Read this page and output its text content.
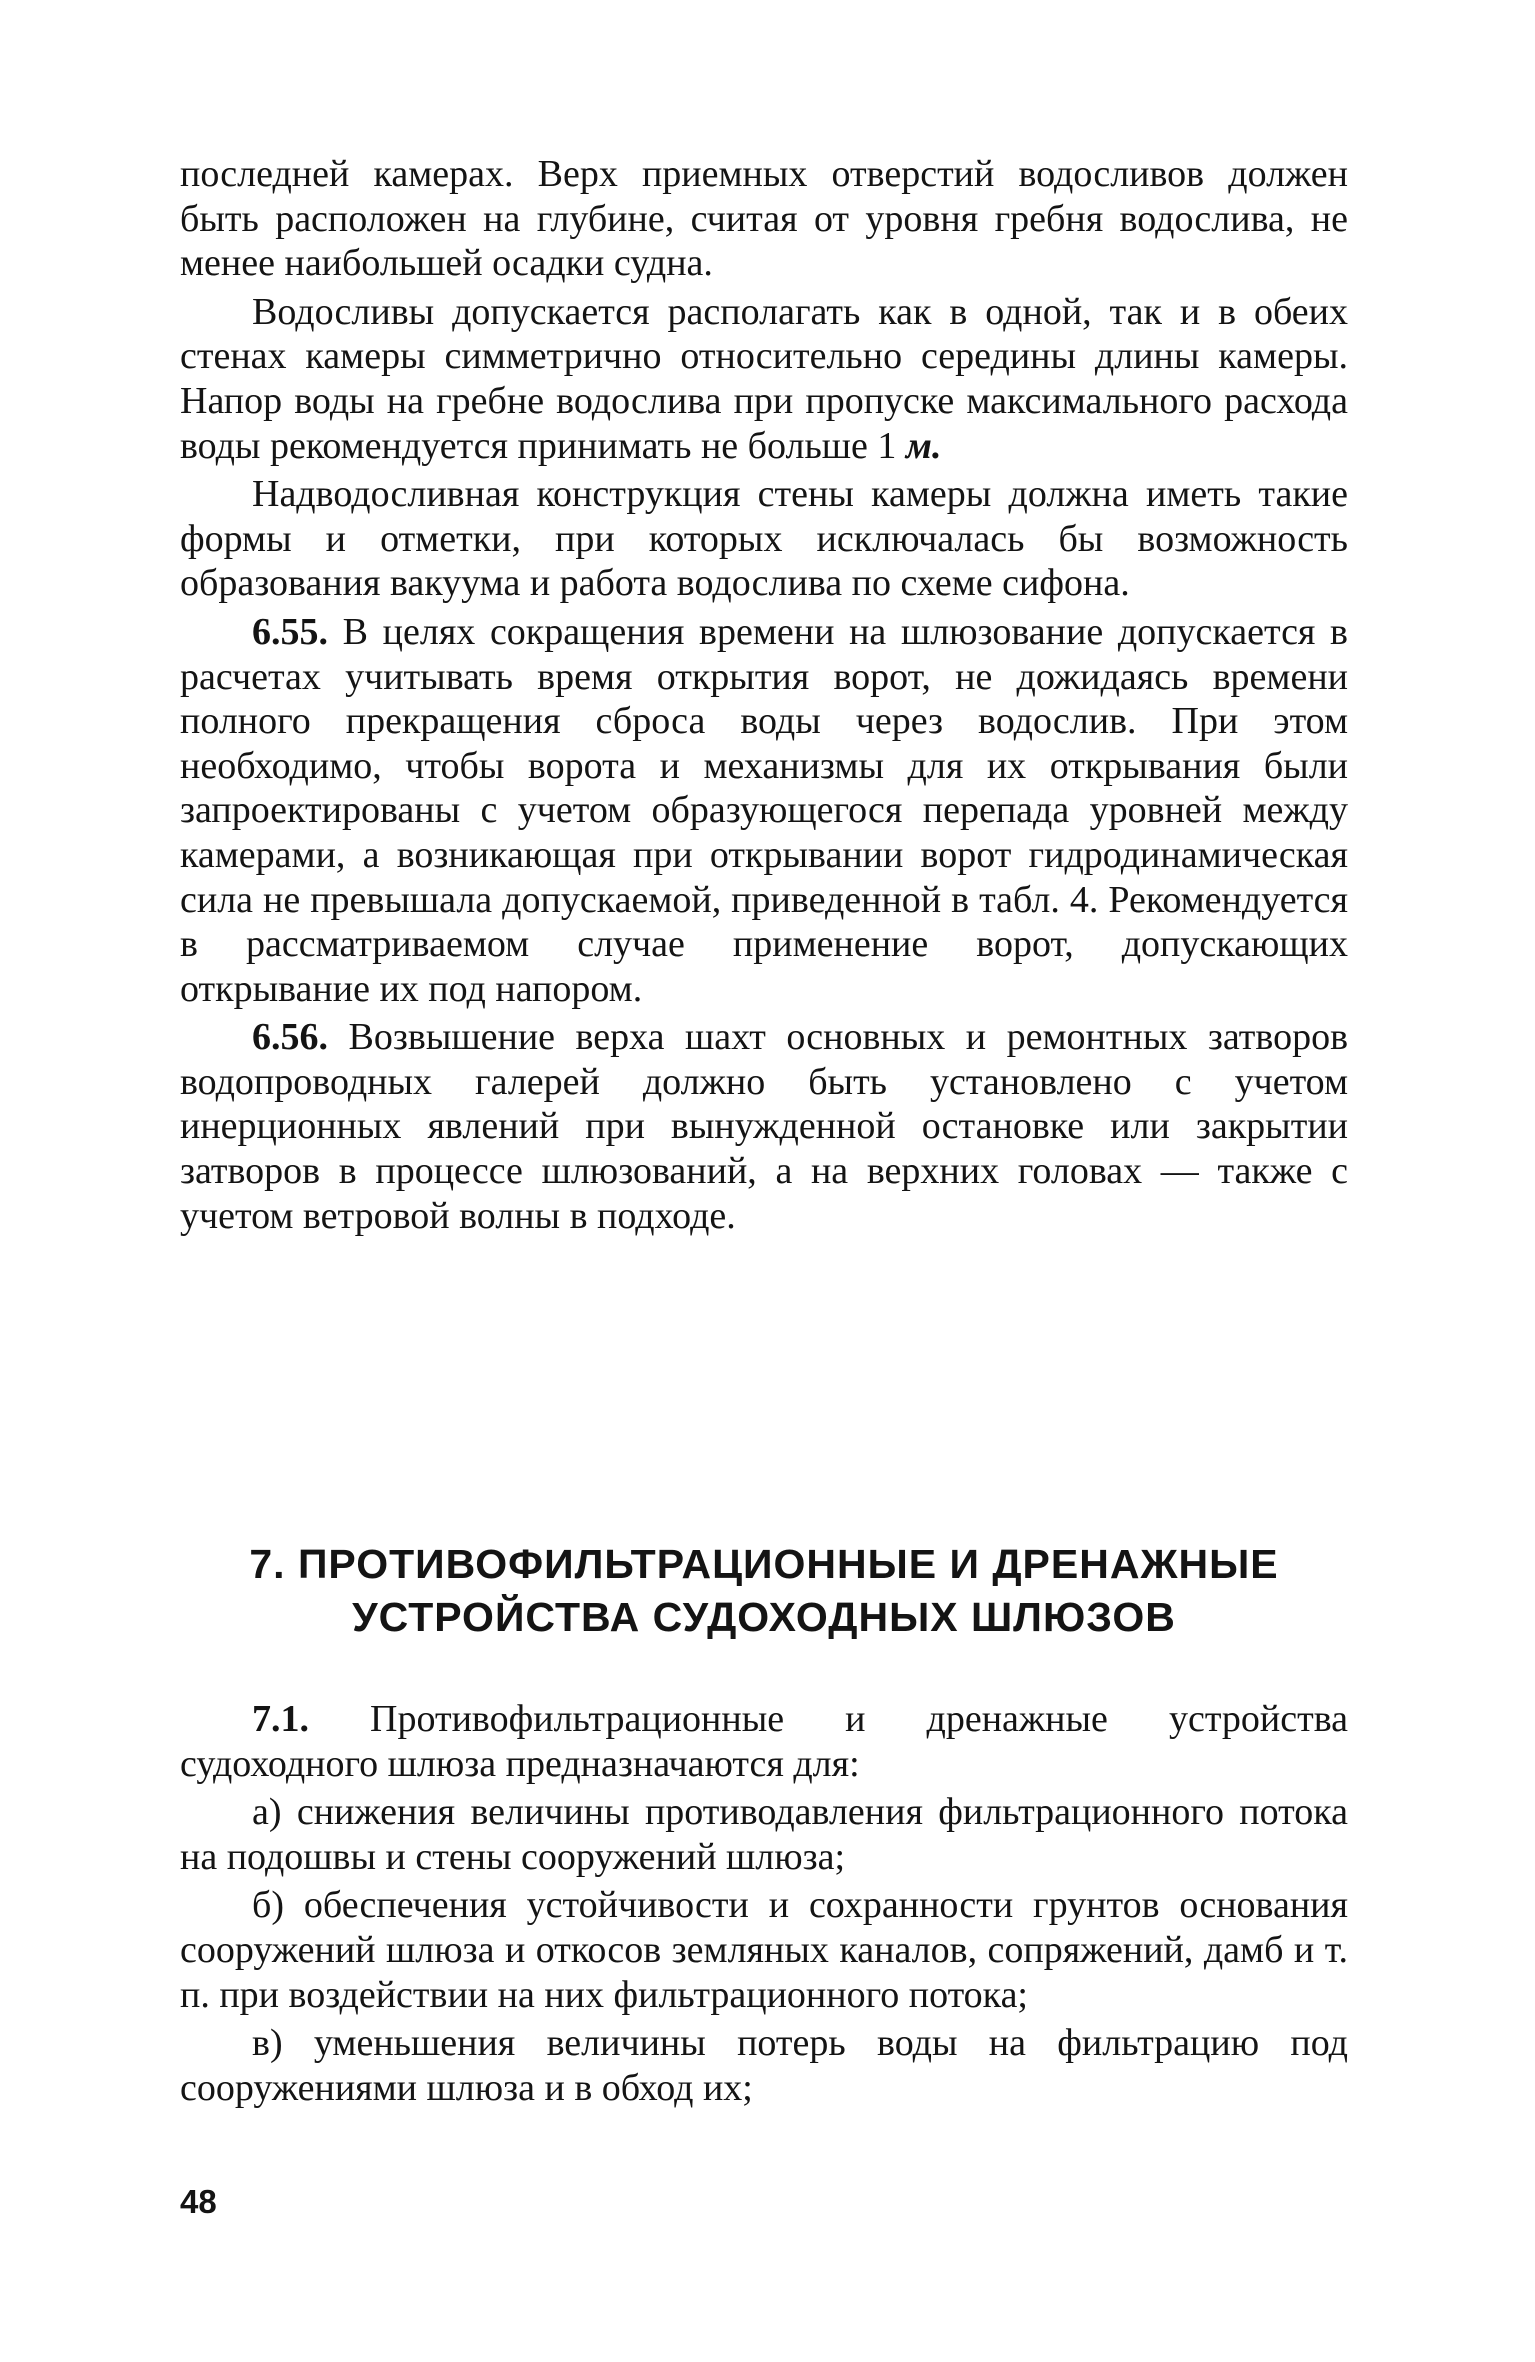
последней камерах. Верх приемных отверстий водосливов должен быть расположен на глубине, считая от уровня гребня водослива, не менее наибольшей осадки судна.

Водосливы допускается располагать как в одной, так и в обеих стенах камеры симметрично относительно середины длины камеры. Напор воды на гребне водослива при пропуске максимального расхода воды рекомендуется принимать не больше 1 м.

Надводосливная конструкция стены камеры должна иметь такие формы и отметки, при которых исключалась бы возможность образования вакуума и работа водослива по схеме сифона.

6.55. В целях сокращения времени на шлюзование допускается в расчетах учитывать время открытия ворот, не дожидаясь времени полного прекращения сброса воды через водослив. При этом необходимо, чтобы ворота и механизмы для их открывания были запроектированы с учетом образующегося перепада уровней между камерами, а возникающая при открывании ворот гидродинамическая сила не превышала допускаемой, приведенной в табл. 4. Рекомендуется в рассматриваемом случае применение ворот, допускающих открывание их под напором.

6.56. Возвышение верха шахт основных и ремонтных затворов водопроводных галерей должно быть установлено с учетом инерционных явлений при вынужденной остановке или закрытии затворов в процессе шлюзований, а на верхних головах — также с учетом ветровой волны в подходе.

7. ПРОТИВОФИЛЬТРАЦИОННЫЕ И ДРЕНАЖНЫЕ
УСТРОЙСТВА СУДОХОДНЫХ ШЛЮЗОВ

7.1. Противофильтрационные и дренажные устройства судоходного шлюза предназначаются для:

а) снижения величины противодавления фильтрационного потока на подошвы и стены сооружений шлюза;

б) обеспечения устойчивости и сохранности грунтов основания сооружений шлюза и откосов земляных каналов, сопряжений, дамб и т. п. при воздействии на них фильтрационного потока;

в) уменьшения величины потерь воды на фильтрацию под сооружениями шлюза и в обход их;

48
